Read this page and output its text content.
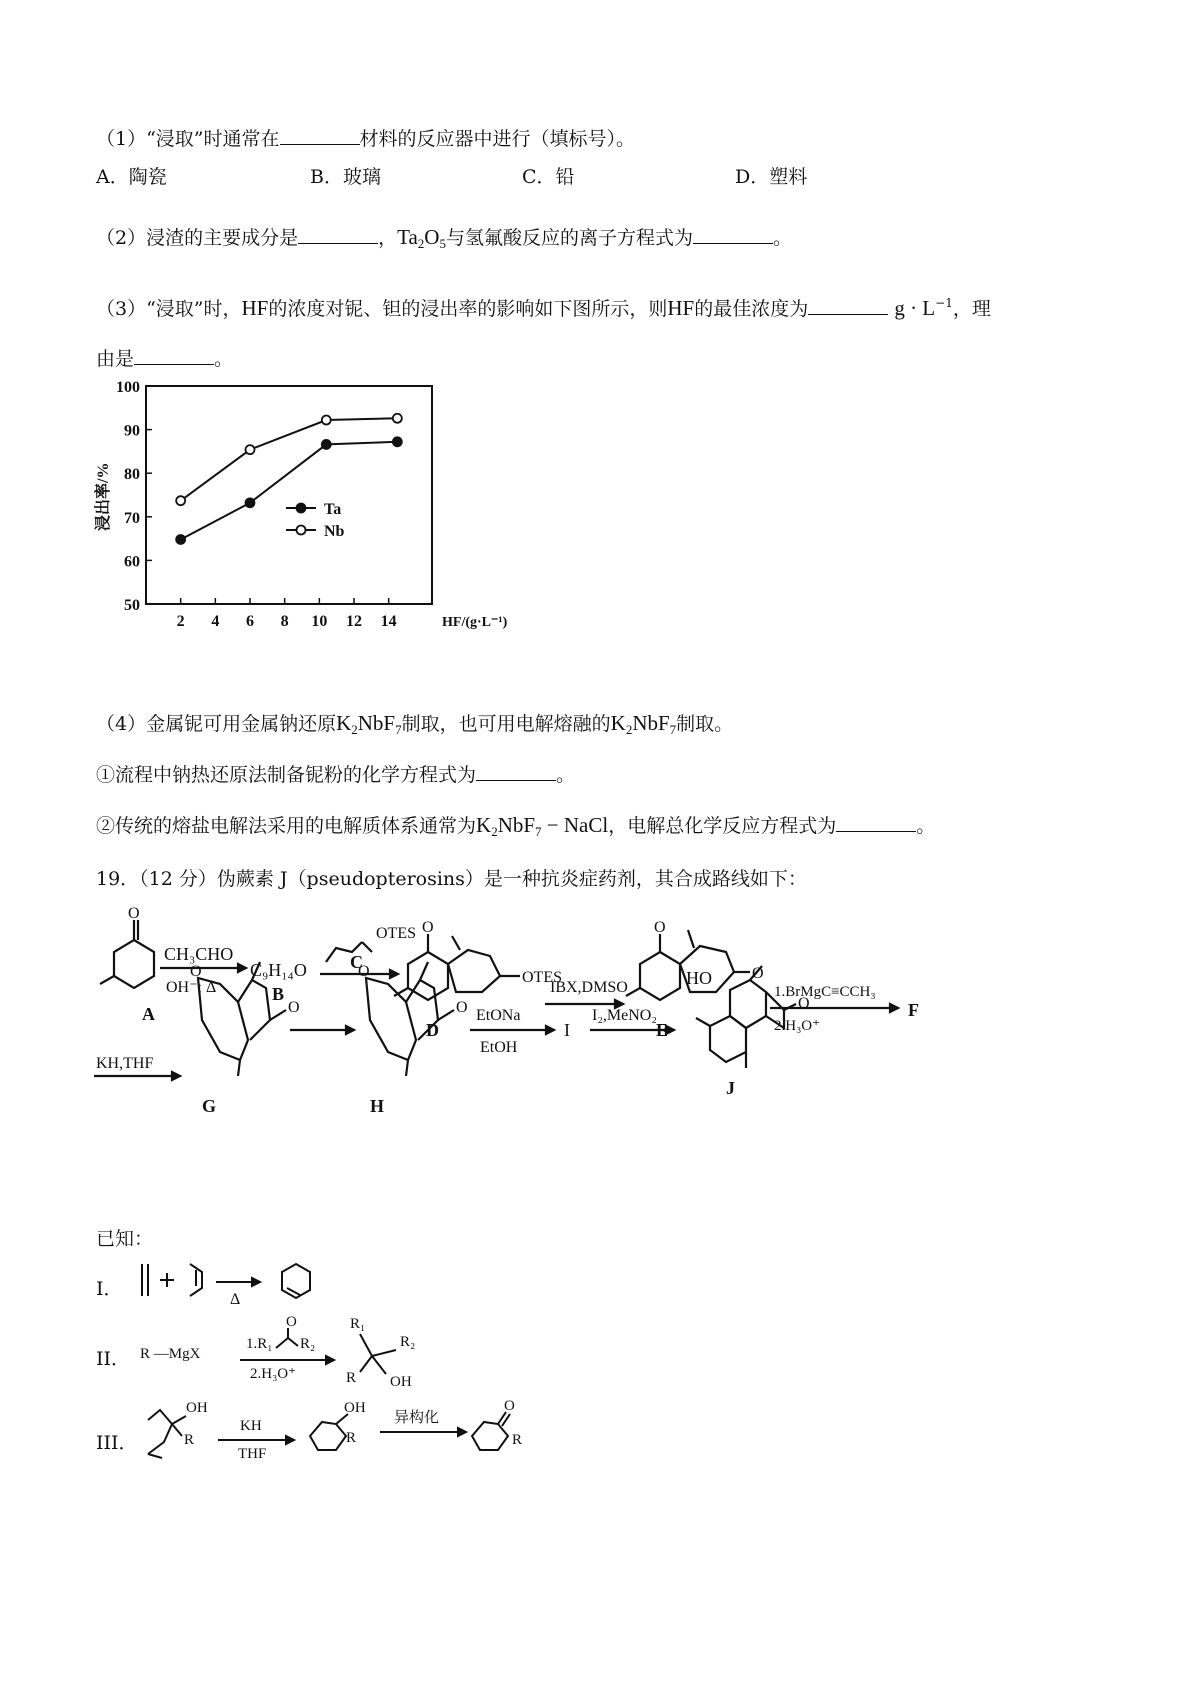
（1）“浸取”时通常在	材料的反应器中进行（填标号）。
A．陶瓷	B．玻璃	C．铅	D．塑料
（2）浸渣的主要成分是	，$Ta_2O_5$与氢氟酸反应的离子方程式为	。
（3）“浸取”时，HF的浓度对铌、钽的浸出率的影响如下图所示，则HF的最佳浓度为	$g \cdot L^{-1}$，理
由是	。
50
60
70
80
90
100
2 4 6 8 10 12 14
浸出率/%
HF/(g·L⁻¹)
Ta
Nb
（4）金属铌可用金属钠还原$K_2NbF_7$制取，也可用电解熔融的$K_2NbF_7$制取。
①流程中钠热还原法制备铌粉的化学方程式为	。
②传统的熔盐电解法采用的电解质体系通常为$K_2NbF_7$ − NaCl，电解总化学反应方程式为	。
19．（12 分）伪蕨素 J（pseudopterosins）是一种抗炎症药剂，其合成路线如下：
A
CH₃CHO
OH⁻; Δ
C₉H₁₄O
B
C
OTES
OTES
D
IBX,DMSO
E
1.BrMgC≡CCH₃
2.H₃O⁺
F
KH,THF
G	H
EtONa
EtOH
I
I₂,MeNO₂
HO
J
O
O	O
O
O
O
O
O	O
已知：
I．	Δ
II． R —MgX
1.R₁ R₂
2.H₃O⁺
R₁
R₂
R OH
O
III．
OH
R
KH
THF
OH
R
异构化
O
R
